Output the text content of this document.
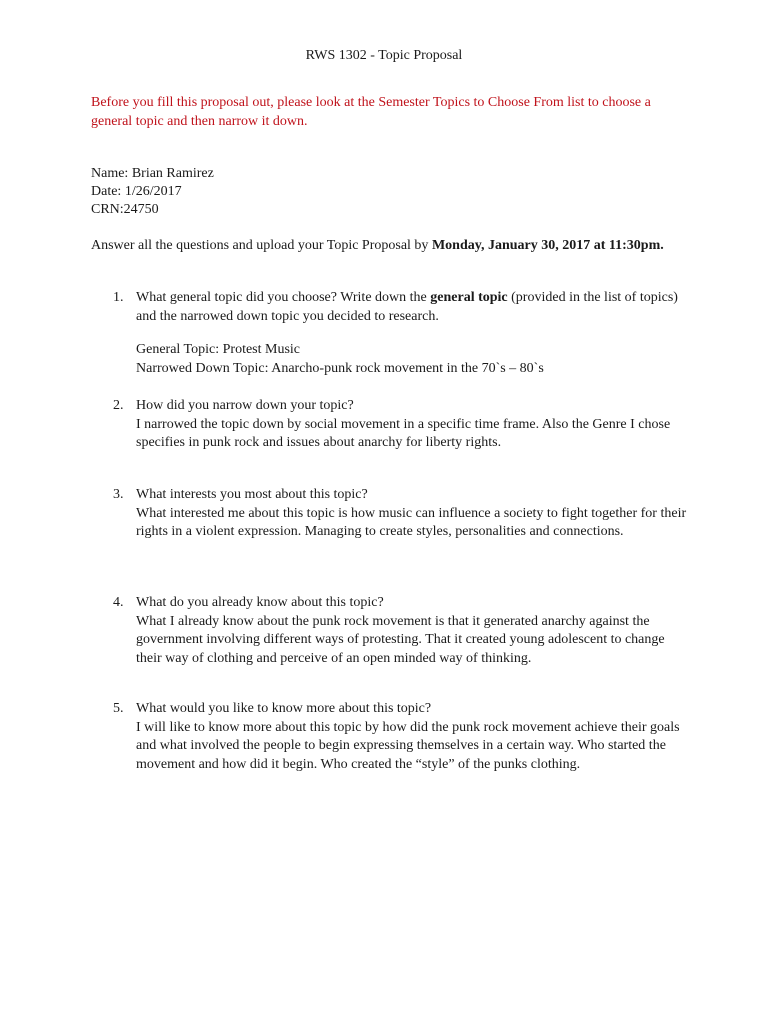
RWS 1302 - Topic Proposal
Before you fill this proposal out, please look at the Semester Topics to Choose From list to choose a general topic and then narrow it down.
Name: Brian Ramirez
Date: 1/26/2017
CRN:24750
Answer all the questions and upload your Topic Proposal by Monday, January 30, 2017 at 11:30pm.
1. What general topic did you choose? Write down the general topic (provided in the list of topics) and the narrowed down topic you decided to research.
General Topic: Protest Music
Narrowed Down Topic: Anarcho-punk rock movement in the 70`s – 80`s
2. How did you narrow down your topic?
I narrowed the topic down by social movement in a specific time frame. Also the Genre I chose specifies in punk rock and issues about anarchy for liberty rights.
3. What interests you most about this topic?
What interested me about this topic is how music can influence a society to fight together for their rights in a violent expression. Managing to create styles, personalities and connections.
4. What do you already know about this topic?
What I already know about the punk rock movement is that it generated anarchy against the government involving different ways of protesting. That it created young adolescent to change their way of clothing and perceive of an open minded way of thinking.
5. What would you like to know more about this topic?
I will like to know more about this topic by how did the punk rock movement achieve their goals and what involved the people to begin expressing themselves in a certain way. Who started the movement and how did it begin. Who created the “style” of the punks clothing.
